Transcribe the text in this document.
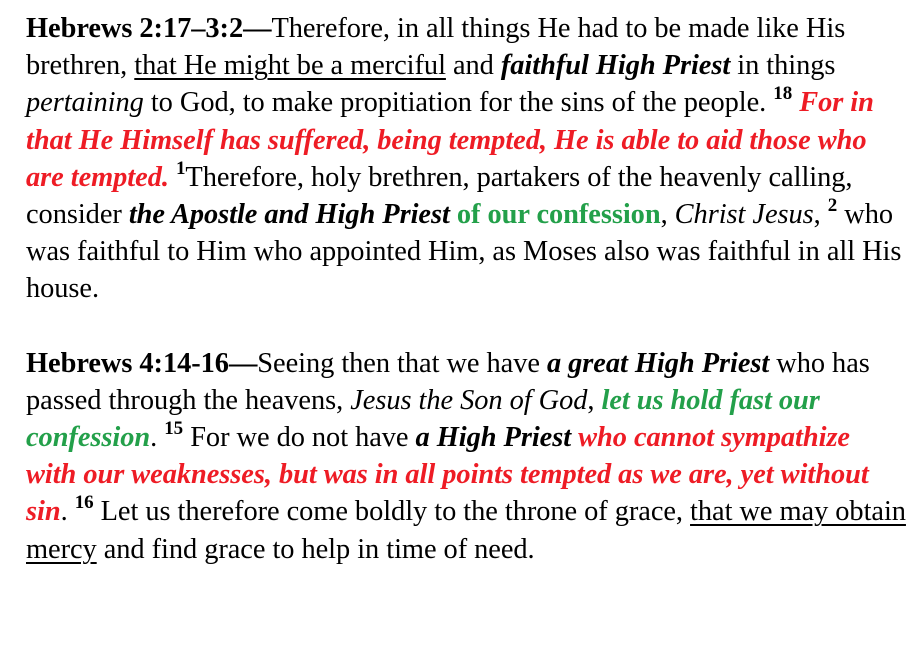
Hebrews 2:17–3:2—Therefore, in all things He had to be made like His brethren, that He might be a merciful and faithful High Priest in things pertaining to God, to make propitiation for the sins of the people. $^{18}$ For in that He Himself has suffered, being tempted, He is able to aid those who are tempted. $^1$Therefore, holy brethren, partakers of the heavenly calling, consider the Apostle and High Priest of our confession, Christ Jesus, $^2$ who was faithful to Him who appointed Him, as Moses also was faithful in all His house.

Hebrews 4:14-16—Seeing then that we have a great High Priest who has passed through the heavens, Jesus the Son of God, let us hold fast our confession. $^{15}$ For we do not have a High Priest who cannot sympathize with our weaknesses, but was in all points tempted as we are, yet without sin. $^{16}$ Let us therefore come boldly to the throne of grace, that we may obtain mercy and find grace to help in time of need.
